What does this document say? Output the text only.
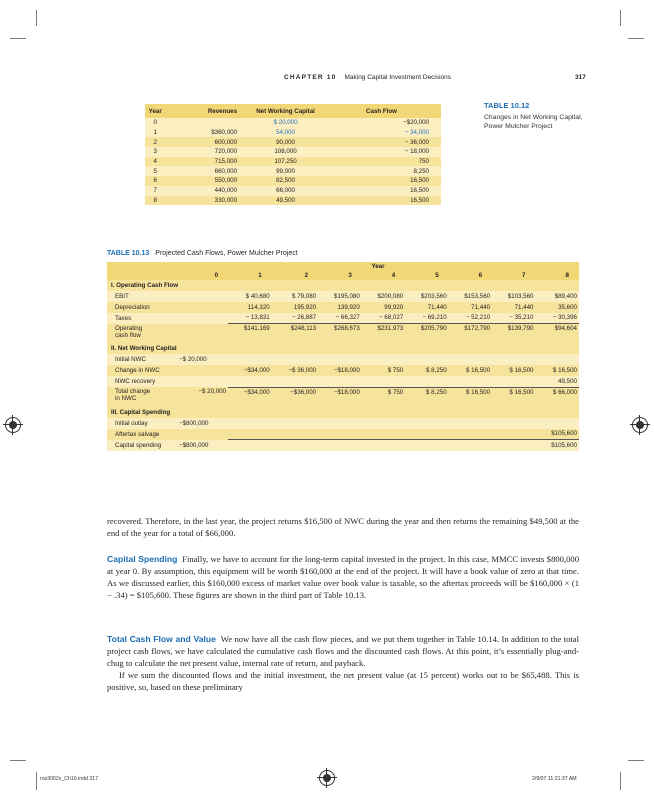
CHAPTER 10 Making Capital Investment Decisions	317
Year	Revenues	Net Working Capital	Cash Flow
0		$ 20,000	−$20,000
1	$360,000	54,000	− 34,000
2	600,000	90,000	− 36,000
3	720,000	108,000	− 18,000
4	715,000	107,250	750
5	660,000	99,000	8,250
6	550,000	82,500	16,500
7	440,000	66,000	16,500
8	330,000	49,500	16,500
TABLE 10.12
Changes in Net Working Capital, Power Mulcher Project
TABLE 10.13 Projected Cash Flows, Power Mulcher Project
	Year								
	0	1	2	3	4	5	6	7	8
I. Operating Cash Flow									
EBIT		$ 40,680	$ 79,080	$195,080	$200,080	$203,560	$153,560	$103,560	$89,400
Depreciation		114,320	195,920	139,920	99,920	71,440	71,440	71,440	35,600
Taxes		− 13,831	− 26,887	− 66,327	− 68,027	− 69,210	− 52,210	− 35,210	− 30,396
Operating
cash flow		$141,169	$248,113	$268,673	$231,973	$205,790	$172,790	$139,790	$94,604
II. Net Working Capital									
Initial NWC	−$ 20,000								
Change in NWC		−$34,000	−$ 36,000	−$18,000	$ 750	$ 8,250	$ 16,500	$ 16,500	$ 16,500
NWC recovery									49,500
Total change
in NWC	−$ 20,000	−$34,000	−$36,000	−$18,000	$ 750	$ 8,250	$ 16,500	$ 16,500	$ 66,000
III. Capital Spending									
Initial outlay	−$800,000								
Aftertax salvage									$105,600
Capital spending	−$800,000								$105,600

recovered. Therefore, in the last year, the project returns $16,500 of NWC during the year and then returns the remaining $49,500 at the end of the year for a total of $66,000.

Capital Spending Finally, we have to account for the long-term capital invested in the project. In this case, MMCC invests $800,000 at year 0. By assumption, this equipment will be worth $160,000 at the end of the project. It will have a book value of zero at that time. As we discussed earlier, this $160,000 excess of market value over book value is taxable, so the aftertax proceeds will be $160,000 × (1 − .34) = $105,600. These figures are shown in the third part of Table 10.13.

Total Cash Flow and Value We now have all the cash flow pieces, and we put them together in Table 10.14. In addition to the total project cash flows, we have calculated the cumulative cash flows and the discounted cash flows. At this point, it’s essentially plug-and-chug to calculate the net present value, internal rate of return, and payback.

If we sum the discounted flows and the initial investment, the net present value (at 15 percent) works out to be $65,488. This is positive, so, based on these preliminary

ros3062x_Ch10.indd 317	2/9/07 11:21:37 AM
